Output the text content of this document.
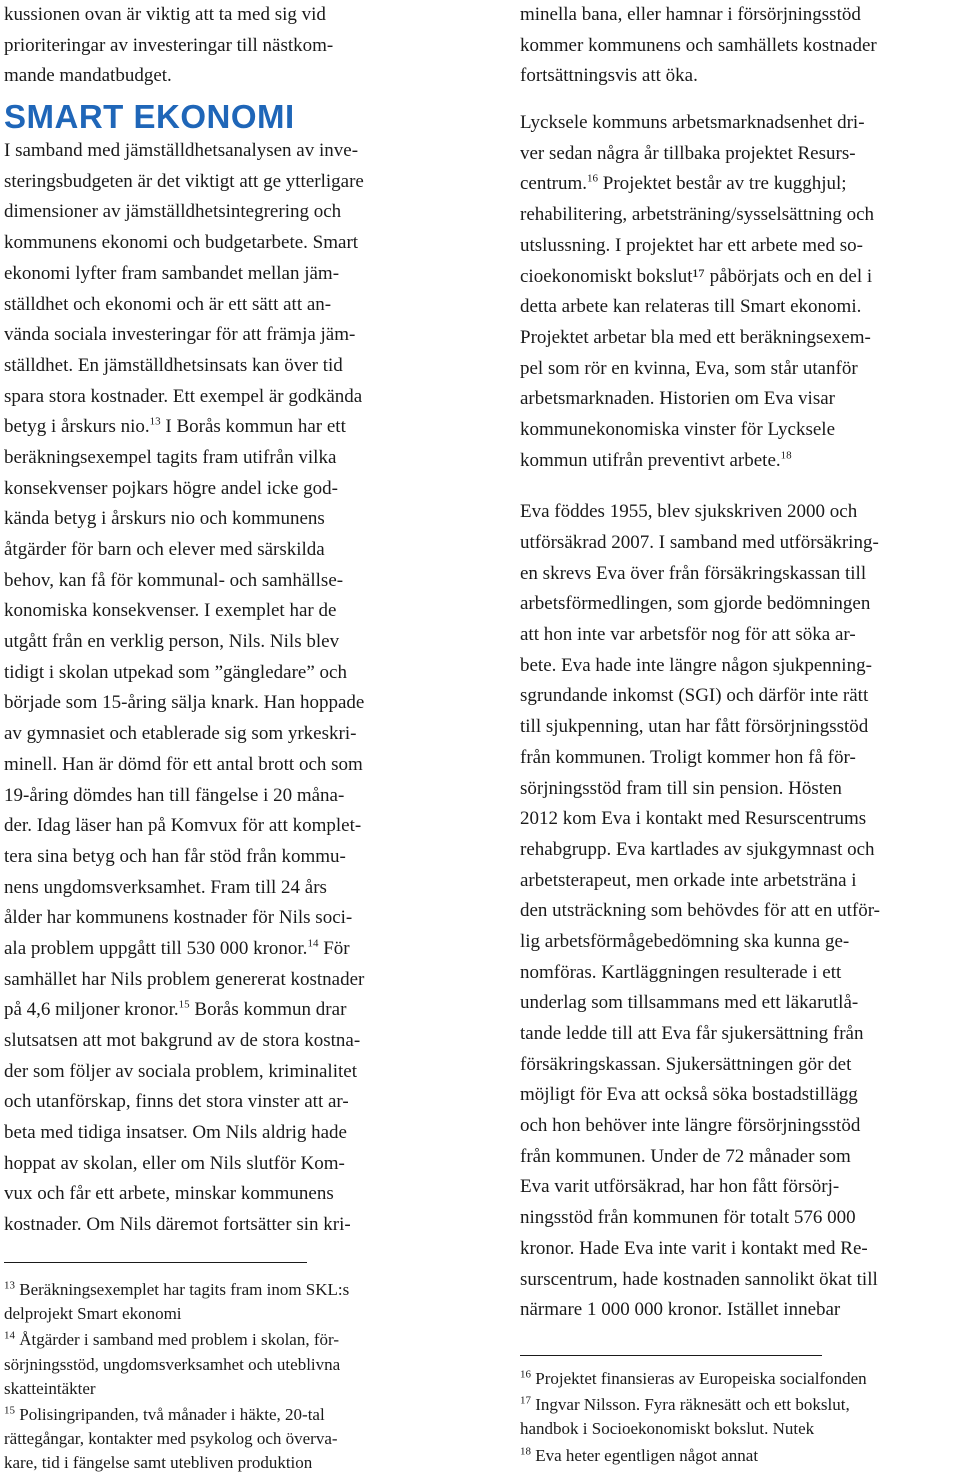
kussionen ovan är viktig att ta med sig vid
prioriteringar av investeringar till nästkom-
mande mandatbudget.
SMART EKONOMI
I samband med jämställdhetsanalysen av inve-
steringsbudgeten är det viktigt att ge ytterligare
dimensioner av jämställdhetsintegrering och
kommunens ekonomi och budgetarbete. Smart
ekonomi lyfter fram sambandet mellan jäm-
ställdhet och ekonomi och är ett sätt att an-
vända sociala investeringar för att främja jäm-
ställdhet. En jämställdhetsinsats kan över tid
spara stora kostnader. Ett exempel är godkända
betyg i årskurs nio.$^{13}$ I Borås kommun har ett
beräkningsexempel tagits fram utifrån vilka
konsekvenser pojkars högre andel icke god-
kända betyg i årskurs nio och kommunens
åtgärder för barn och elever med särskilda
behov, kan få för kommunal- och samhällse-
konomiska konsekvenser. I exemplet har de
utgått från en verklig person, Nils. Nils blev
tidigt i skolan utpekad som ”gängledare” och
började som 15-åring sälja knark. Han hoppade
av gymnasiet och etablerade sig som yrkeskri-
minell. Han är dömd för ett antal brott och som
19-åring dömdes han till fängelse i 20 måna-
der. Idag läser han på Komvux för att komplet-
tera sina betyg och han får stöd från kommu-
nens ungdomsverksamhet. Fram till 24 års
ålder har kommunens kostnader för Nils soci-
ala problem uppgått till 530 000 kronor.$^{14}$ För
samhället har Nils problem genererat kostnader
på 4,6 miljoner kronor.$^{15}$ Borås kommun drar
slutsatsen att mot bakgrund av de stora kostna-
der som följer av sociala problem, kriminalitet
och utanförskap, finns det stora vinster att ar-
beta med tidiga insatser. Om Nils aldrig hade
hoppat av skolan, eller om Nils slutför Kom-
vux och får ett arbete, minskar kommunens
kostnader. Om Nils däremot fortsätter sin kri-
$^{13}$ Beräkningsexemplet har tagits fram inom SKL:s
delprojekt Smart ekonomi
$^{14}$ Åtgärder i samband med problem i skolan, för-
sörjningsstöd, ungdomsverksamhet och uteblivna
skatteintäkter
$^{15}$ Polisingripanden, två månader i häkte, 20-tal
rättegångar, kontakter med psykolog och överva-
kare, tid i fängelse samt utebliven produktion
minella bana, eller hamnar i försörjningsstöd
kommer kommunens och samhällets kostnader
fortsättningsvis att öka.
Lycksele kommuns arbetsmarknadsenhet dri-
ver sedan några år tillbaka projektet Resurs-
centrum.$^{16}$ Projektet består av tre kugghjul;
rehabilitering, arbetsträning/sysselsättning och
utslussning. I projektet har ett arbete med so-
cioekonomiskt bokslut¹⁷ påbörjats och en del i
detta arbete kan relateras till Smart ekonomi.
Projektet arbetar bla med ett beräkningsexem-
pel som rör en kvinna, Eva, som står utanför
arbetsmarknaden. Historien om Eva visar
kommunekonomiska vinster för Lycksele
kommun utifrån preventivt arbete.$^{18}$
Eva föddes 1955, blev sjukskriven 2000 och
utförsäkrad 2007. I samband med utförsäkring-
en skrevs Eva över från försäkringskassan till
arbetsförmedlingen, som gjorde bedömningen
att hon inte var arbetsför nog för att söka ar-
bete. Eva hade inte längre någon sjukpenning-
sgrundande inkomst (SGI) och därför inte rätt
till sjukpenning, utan har fått försörjningsstöd
från kommunen. Troligt kommer hon få för-
sörjningsstöd fram till sin pension. Hösten
2012 kom Eva i kontakt med Resurscentrums
rehabgrupp. Eva kartlades av sjukgymnast och
arbetsterapeut, men orkade inte arbetsträna i
den utsträckning som behövdes för att en utför-
lig arbetsförmågebedömning ska kunna ge-
nomföras. Kartläggningen resulterade i ett
underlag som tillsammans med ett läkarutlå-
tande ledde till att Eva får sjukersättning från
försäkringskassan. Sjukersättningen gör det
möjligt för Eva att också söka bostadstillägg
och hon behöver inte längre försörjningsstöd
från kommunen. Under de 72 månader som
Eva varit utförsäkrad, har hon fått försörj-
ningsstöd från kommunen för totalt 576 000
kronor. Hade Eva inte varit i kontakt med Re-
surscentrum, hade kostnaden sannolikt ökat till
närmare 1 000 000 kronor. Istället innebar
$^{16}$ Projektet finansieras av Europeiska socialfonden
$^{17}$ Ingvar Nilsson. Fyra räknesätt och ett bokslut,
handbok i Socioekonomiskt bokslut. Nutek
$^{18}$ Eva heter egentligen något annat
